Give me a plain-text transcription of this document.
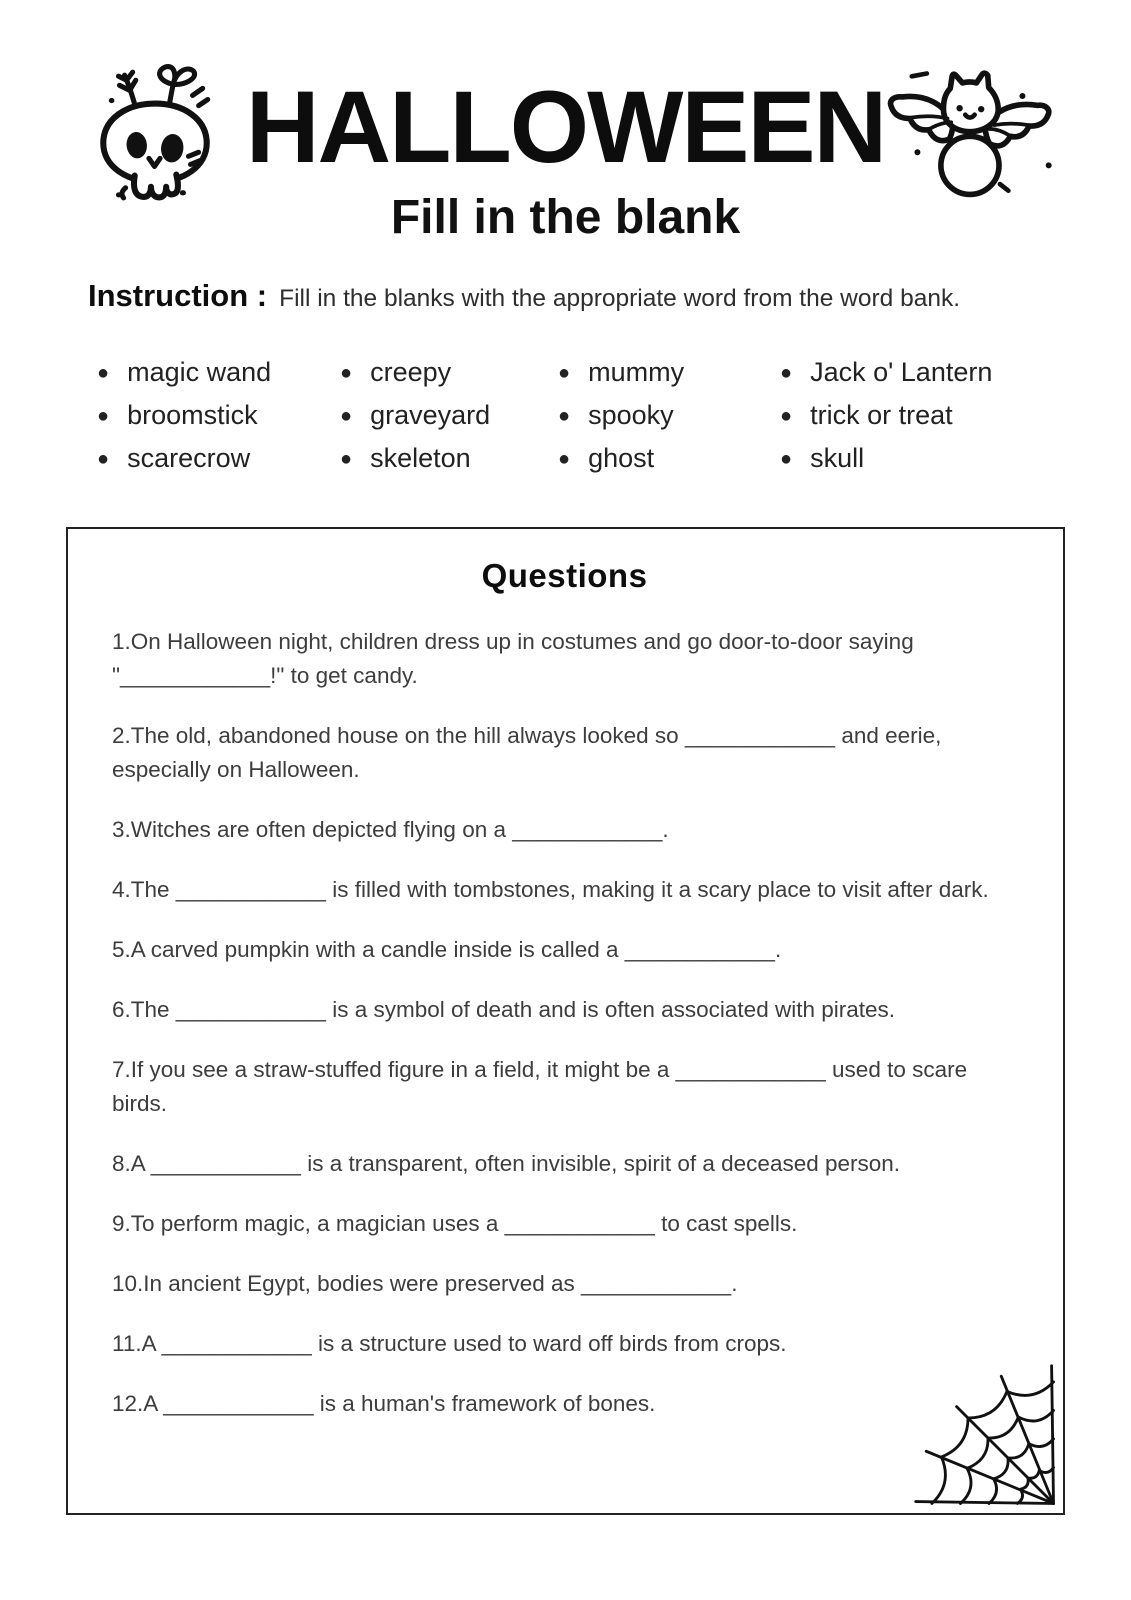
HALLOWEEN
Fill in the blank
Instruction : Fill in the blanks with the appropriate word from the word bank.
● magic wand
● broomstick
● scarecrow
● creepy
● graveyard
● skeleton
● mummy
● spooky
● ghost
● Jack o' Lantern
● trick or treat
● skull
Questions

1.On Halloween night, children dress up in costumes and go door-to-door saying "____________!" to get candy.

2.The old, abandoned house on the hill always looked so ____________ and eerie, especially on Halloween.

3.Witches are often depicted flying on a ____________.

4.The ____________ is filled with tombstones, making it a scary place to visit after dark.

5.A carved pumpkin with a candle inside is called a ____________.

6.The ____________ is a symbol of death and is often associated with pirates.

7.If you see a straw-stuffed figure in a field, it might be a ____________ used to scare birds.

8.A ____________ is a transparent, often invisible, spirit of a deceased person.

9.To perform magic, a magician uses a ____________ to cast spells.

10.In ancient Egypt, bodies were preserved as ____________.

11.A ____________ is a structure used to ward off birds from crops.

12.A ____________ is a human's framework of bones.
